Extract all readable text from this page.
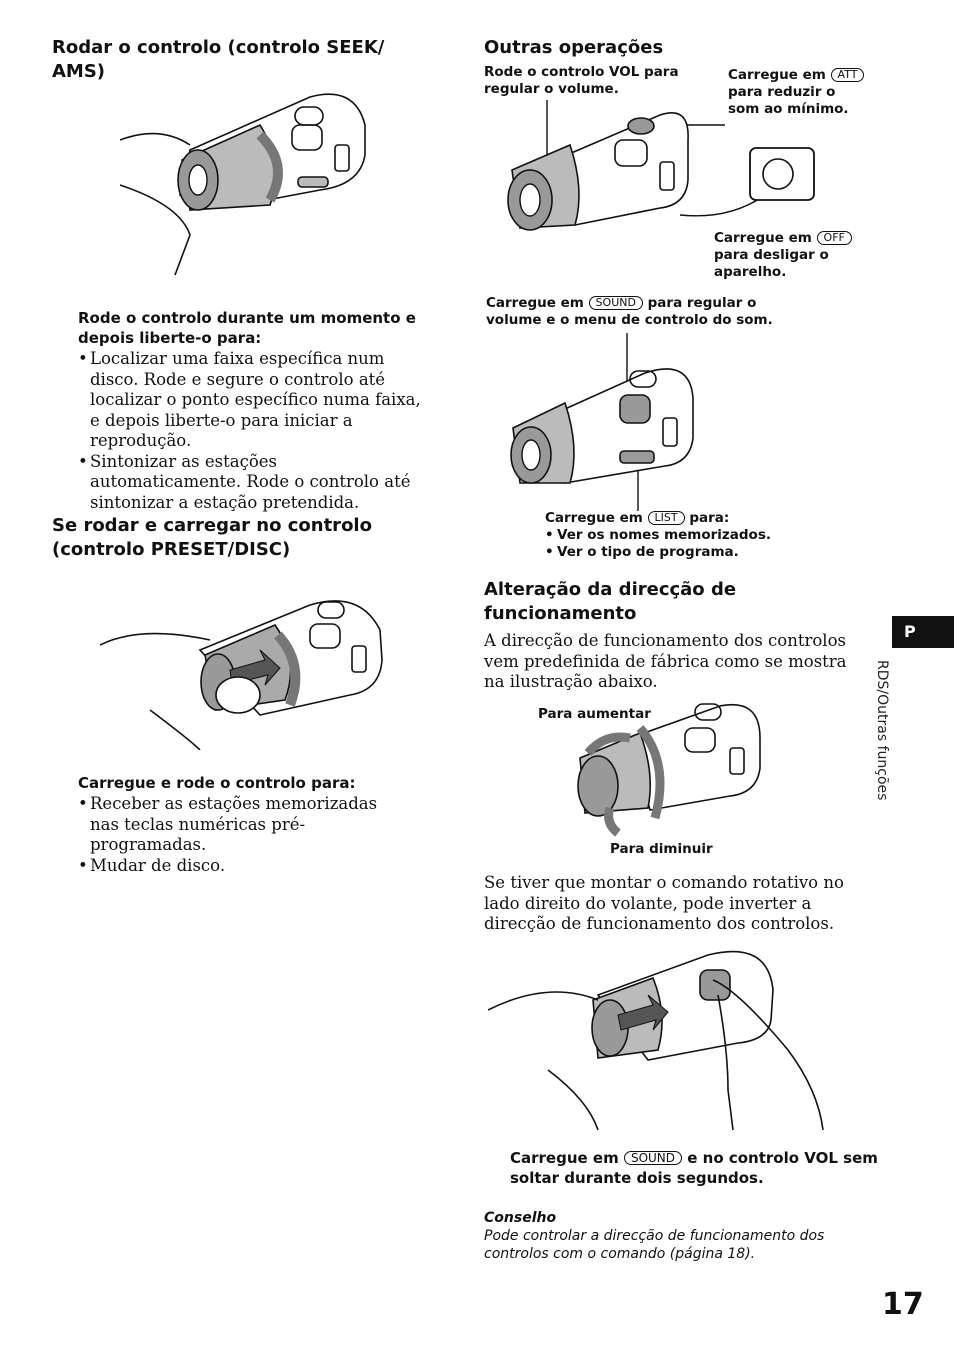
Rodar o controlo (controlo SEEK/ AMS)
Rode o controlo durante um momento e depois liberte-o para:
• Localizar uma faixa específica num disco. Rode e segure o controlo até localizar o ponto específico numa faixa, e depois liberte-o para iniciar a reprodução.
• Sintonizar as estações automaticamente. Rode o controlo até sintonizar a estação pretendida.
Se rodar e carregar no controlo (controlo PRESET/DISC)
Carregue e rode o controlo para:
• Receber as estações memorizadas nas teclas numéricas pré-programadas.
• Mudar de disco.
Outras operações
Rode o controlo VOL para regular o volume.
Carregue em ATT para reduzir o som ao mínimo.
Carregue em OFF para desligar o aparelho.
Carregue em SOUND para regular o volume e o menu de controlo do som.
Carregue em LIST para:
• Ver os nomes memorizados.
• Ver o tipo de programa.
Alteração da direcção de funcionamento
A direcção de funcionamento dos controlos vem predefinida de fábrica como se mostra na ilustração abaixo.
Para aumentar
Para diminuir
Se tiver que montar o comando rotativo no lado direito do volante, pode inverter a direcção de funcionamento dos controlos.
Carregue em SOUND e no controlo VOL sem soltar durante dois segundos.
Conselho
Pode controlar a direcção de funcionamento dos controlos com o comando (página 18).
P
RDS/Outras funções
17
